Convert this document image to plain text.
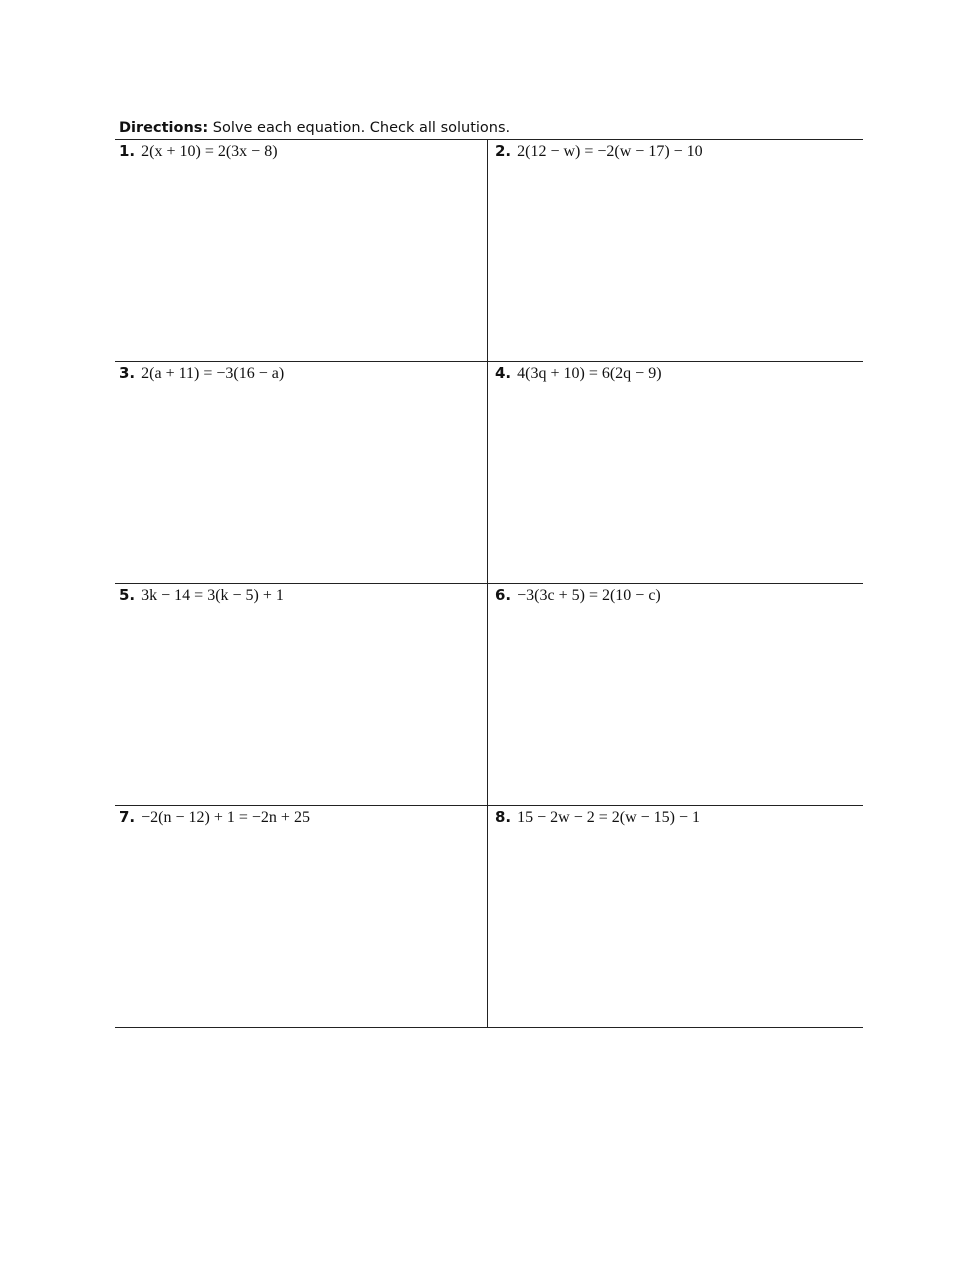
Directions: Solve each equation. Check all solutions.
1. 2(x + 10) = 2(3x − 8)	2. 2(12 − w) = −2(w − 17) − 10
3. 2(a + 11) = −3(16 − a)	4. 4(3q + 10) = 6(2q − 9)
5. 3k − 14 = 3(k − 5) + 1	6. −3(3c + 5) = 2(10 − c)
7. −2(n − 12) + 1 = −2n + 25	8. 15 − 2w − 2 = 2(w − 15) − 1
